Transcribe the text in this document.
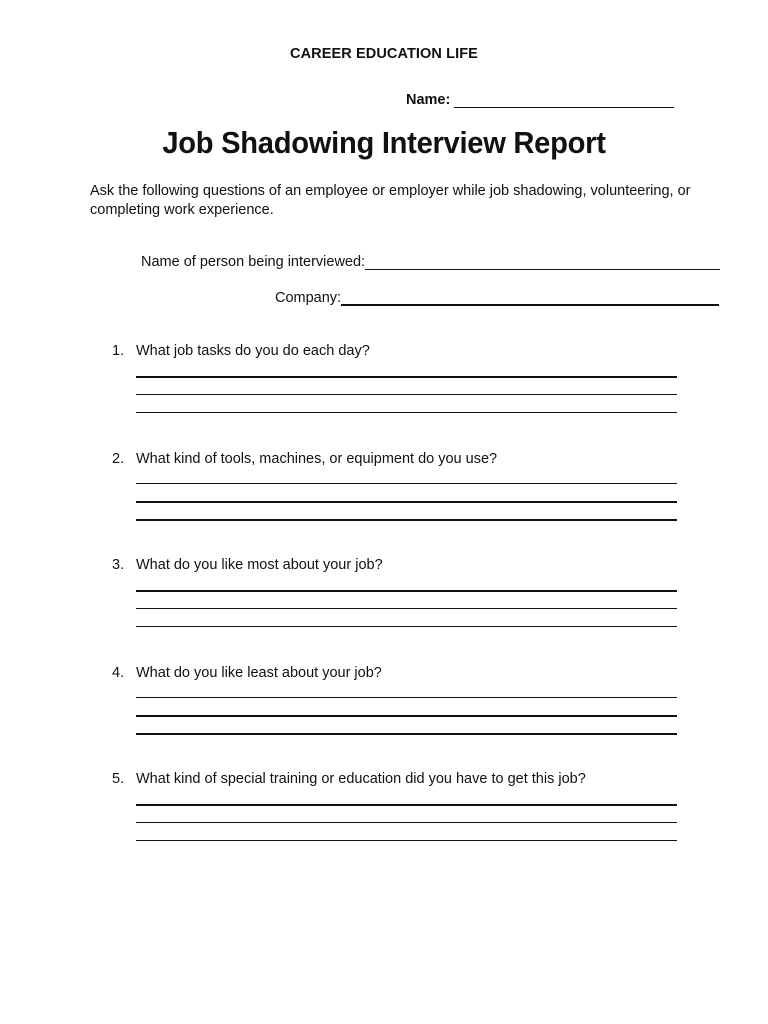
CAREER EDUCATION LIFE
Name:
Job Shadowing Interview Report
Ask the following questions of an employee or employer while job shadowing, volunteering, or completing work experience.
Name of person being interviewed:
Company:
1. What job tasks do you do each day?
2. What kind of tools, machines, or equipment do you use?
3. What do you like most about your job?
4. What do you like least about your job?
5. What kind of special training or education did you have to get this job?
